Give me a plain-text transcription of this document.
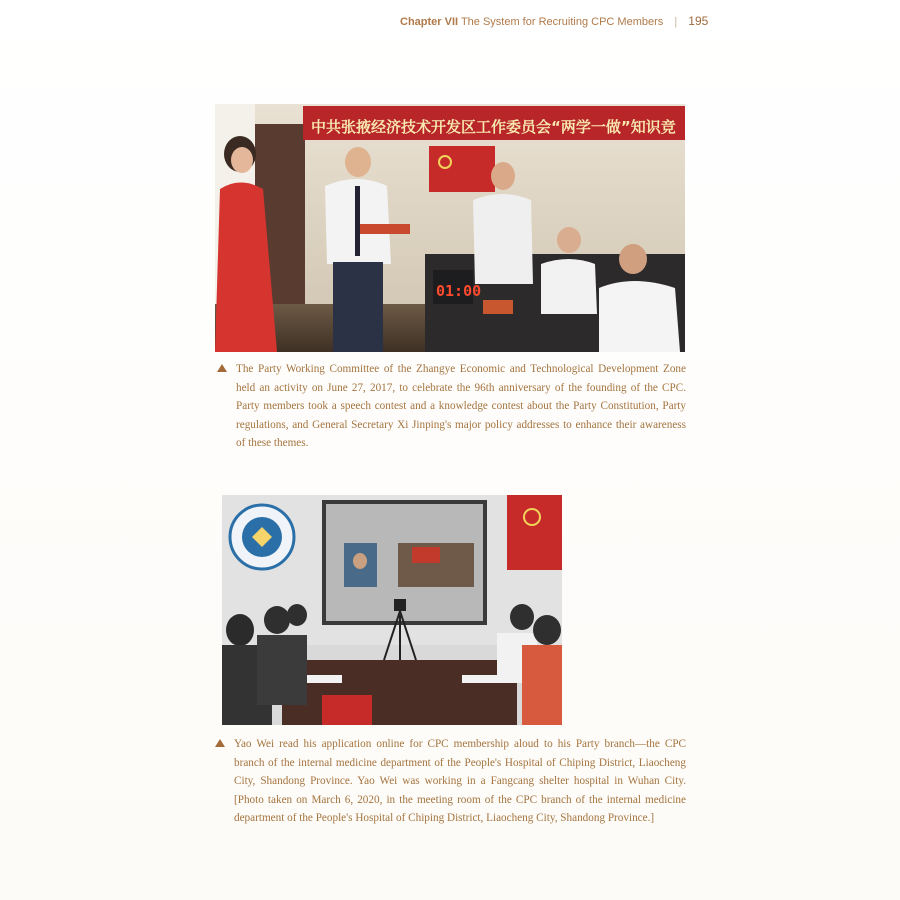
Chapter VII The System for Recruiting CPC Members | 195
中共张掖经济技术开发区工作委员会“两学一做”知识竞
01:00
The Party Working Committee of the Zhangye Economic and Technological Development Zone held an activity on June 27, 2017, to celebrate the 96th anniversary of the founding of the CPC. Party members took a speech contest and a knowledge contest about the Party Constitution, Party regulations, and General Secretary Xi Jinping's major policy addresses to enhance their awareness of these themes.
Yao Wei read his application online for CPC membership aloud to his Party branch—the CPC branch of the internal medicine department of the People's Hospital of Chiping District, Liaocheng City, Shandong Province. Yao Wei was working in a Fangcang shelter hospital in Wuhan City. [Photo taken on March 6, 2020, in the meeting room of the CPC branch of the internal medicine department of the People's Hospital of Chiping District, Liaocheng City, Shandong Province.]
